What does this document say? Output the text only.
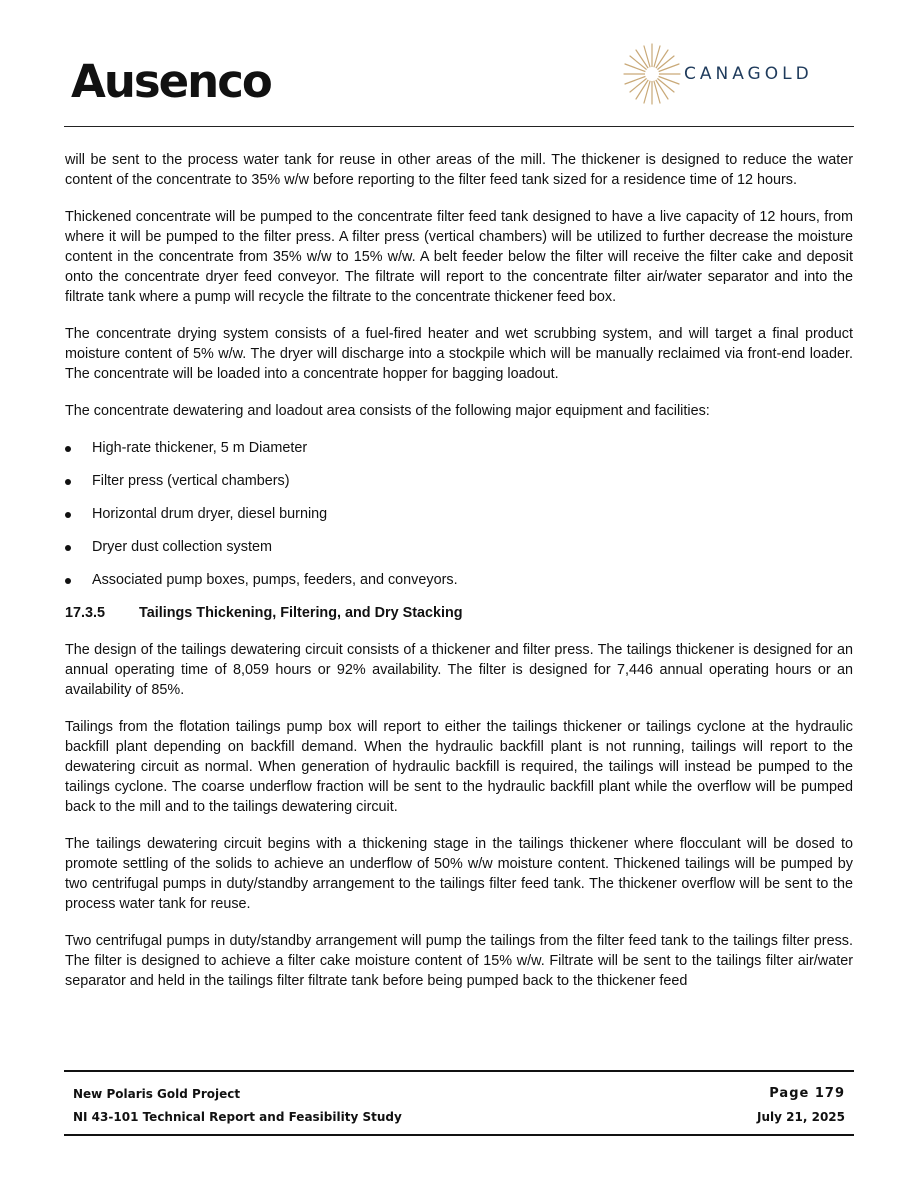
Ausenco	CANAGOLD

will be sent to the process water tank for reuse in other areas of the mill. The thickener is designed to reduce the water content of the concentrate to 35% w/w before reporting to the filter feed tank sized for a residence time of 12 hours.

Thickened concentrate will be pumped to the concentrate filter feed tank designed to have a live capacity of 12 hours, from where it will be pumped to the filter press. A filter press (vertical chambers) will be utilized to further decrease the moisture content in the concentrate from 35% w/w to 15% w/w. A belt feeder below the filter will receive the filter cake and deposit onto the concentrate dryer feed conveyor. The filtrate will report to the concentrate filter air/water separator and into the filtrate tank where a pump will recycle the filtrate to the concentrate thickener feed box.

The concentrate drying system consists of a fuel-fired heater and wet scrubbing system, and will target a final product moisture content of 5% w/w. The dryer will discharge into a stockpile which will be manually reclaimed via front-end loader. The concentrate will be loaded into a concentrate hopper for bagging loadout.

The concentrate dewatering and loadout area consists of the following major equipment and facilities:

High-rate thickener, 5 m Diameter
Filter press (vertical chambers)
Horizontal drum dryer, diesel burning
Dryer dust collection system
Associated pump boxes, pumps, feeders, and conveyors.
17.3.5 Tailings Thickening, Filtering, and Dry Stacking

The design of the tailings dewatering circuit consists of a thickener and filter press. The tailings thickener is designed for an annual operating time of 8,059 hours or 92% availability. The filter is designed for 7,446 annual operating hours or an availability of 85%.

Tailings from the flotation tailings pump box will report to either the tailings thickener or tailings cyclone at the hydraulic backfill plant depending on backfill demand. When the hydraulic backfill plant is not running, tailings will report to the dewatering circuit as normal. When generation of hydraulic backfill is required, the tailings will instead be pumped to the tailings cyclone. The coarse underflow fraction will be sent to the hydraulic backfill plant while the overflow will be pumped back to the mill and to the tailings dewatering circuit.

The tailings dewatering circuit begins with a thickening stage in the tailings thickener where flocculant will be dosed to promote settling of the solids to achieve an underflow of 50% w/w moisture content. Thickened tailings will be pumped by two centrifugal pumps in duty/standby arrangement to the tailings filter feed tank. The thickener overflow will be sent to the process water tank for reuse.

Two centrifugal pumps in duty/standby arrangement will pump the tailings from the filter feed tank to the tailings filter press. The filter is designed to achieve a filter cake moisture content of 15% w/w. Filtrate will be sent to the tailings filter air/water separator and held in the tailings filter filtrate tank before being pumped back to the thickener feed

New Polaris Gold Project
NI 43-101 Technical Report and Feasibility Study
Page 179
July 21, 2025
